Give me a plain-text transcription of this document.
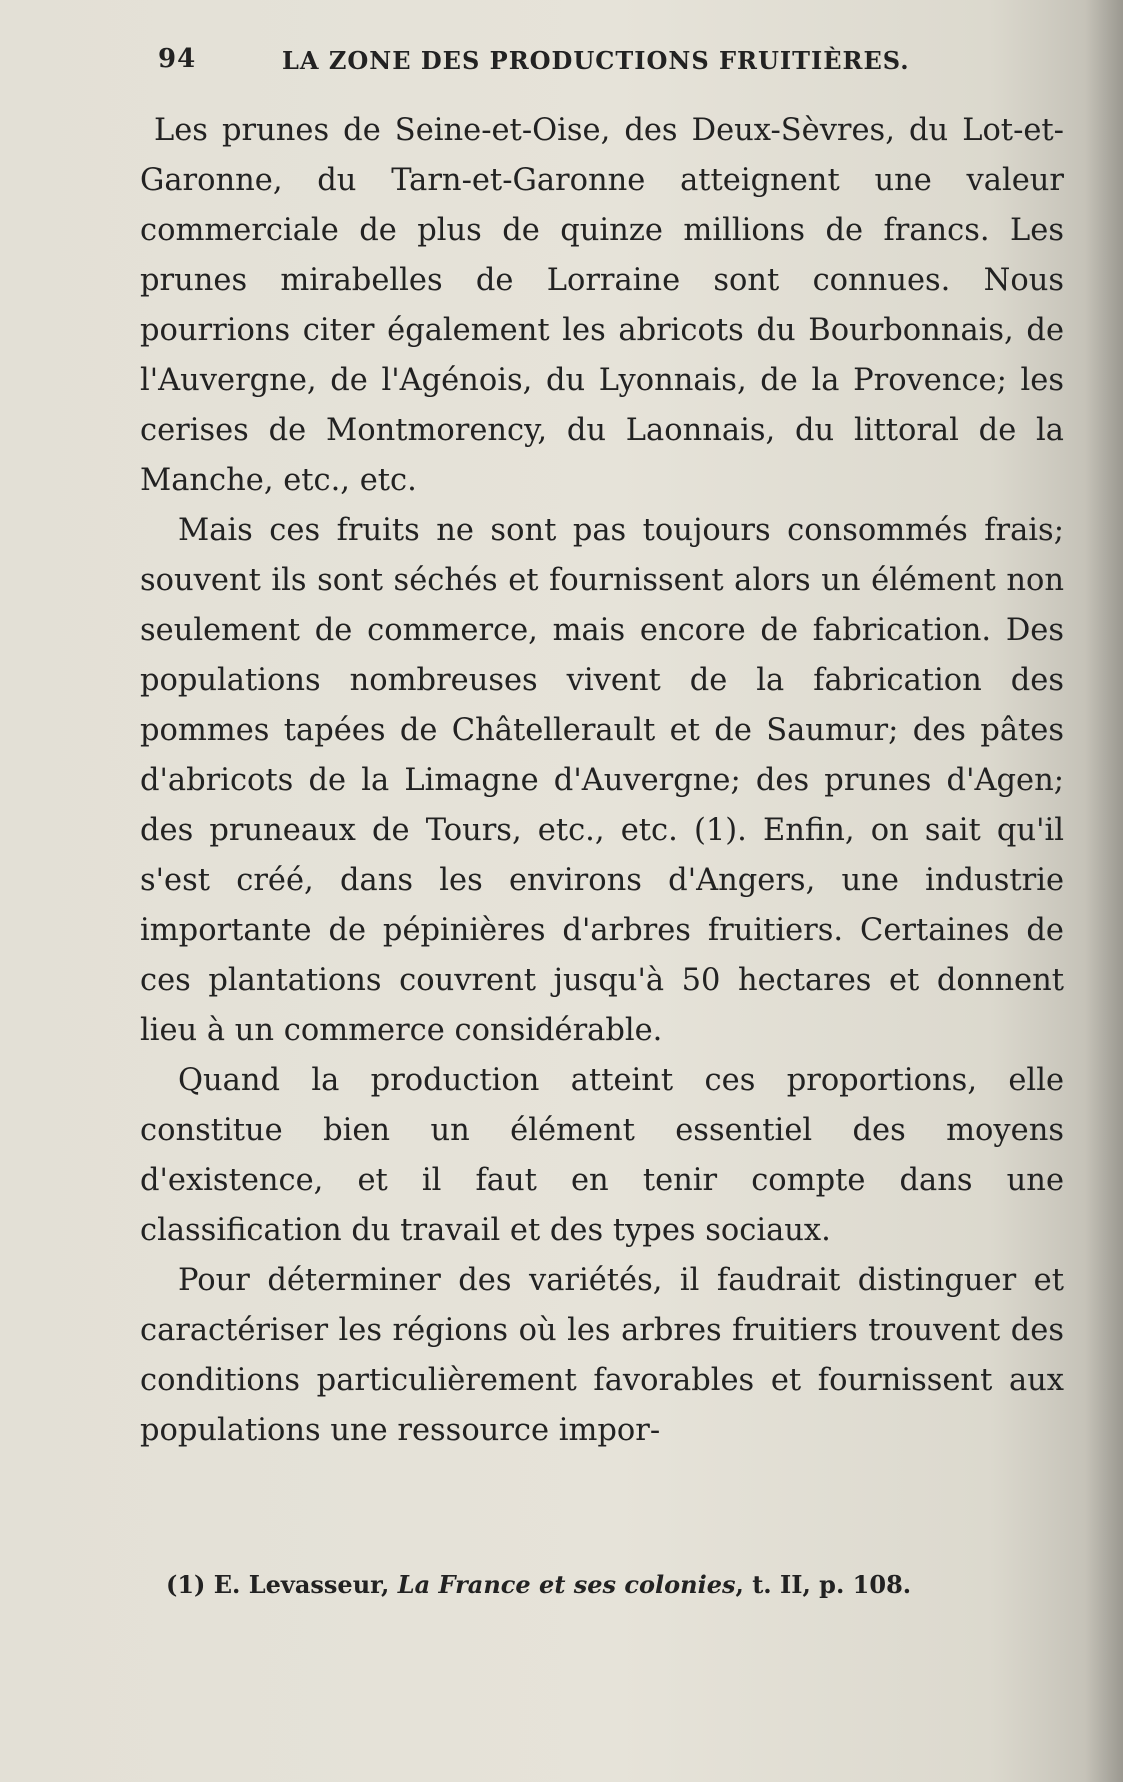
94	LA ZONE DES PRODUCTIONS FRUITIÈRES.

Les prunes de Seine-et-Oise, des Deux-Sèvres, du Lot-et-Garonne, du Tarn-et-Garonne atteignent une valeur commerciale de plus de quinze millions de francs. Les prunes mirabelles de Lorraine sont connues. Nous pourrions citer également les abricots du Bourbonnais, de l'Auvergne, de l'Agénois, du Lyonnais, de la Provence; les cerises de Montmorency, du Laonnais, du littoral de la Manche, etc., etc.

Mais ces fruits ne sont pas toujours consommés frais; souvent ils sont séchés et fournissent alors un élément non seulement de commerce, mais encore de fabrication. Des populations nombreuses vivent de la fabrication des pommes tapées de Châtellerault et de Saumur; des pâtes d'abricots de la Limagne d'Auvergne; des prunes d'Agen; des pruneaux de Tours, etc., etc. (1). Enfin, on sait qu'il s'est créé, dans les environs d'Angers, une industrie importante de pépinières d'arbres fruitiers. Certaines de ces plantations couvrent jusqu'à 50 hectares et donnent lieu à un commerce considérable.

Quand la production atteint ces proportions, elle constitue bien un élément essentiel des moyens d'existence, et il faut en tenir compte dans une classification du travail et des types sociaux.

Pour déterminer des variétés, il faudrait distinguer et caractériser les régions où les arbres fruitiers trouvent des conditions particulièrement favorables et fournissent aux populations une ressource impor-

(1) E. Levasseur, La France et ses colonies, t. II, p. 108.
